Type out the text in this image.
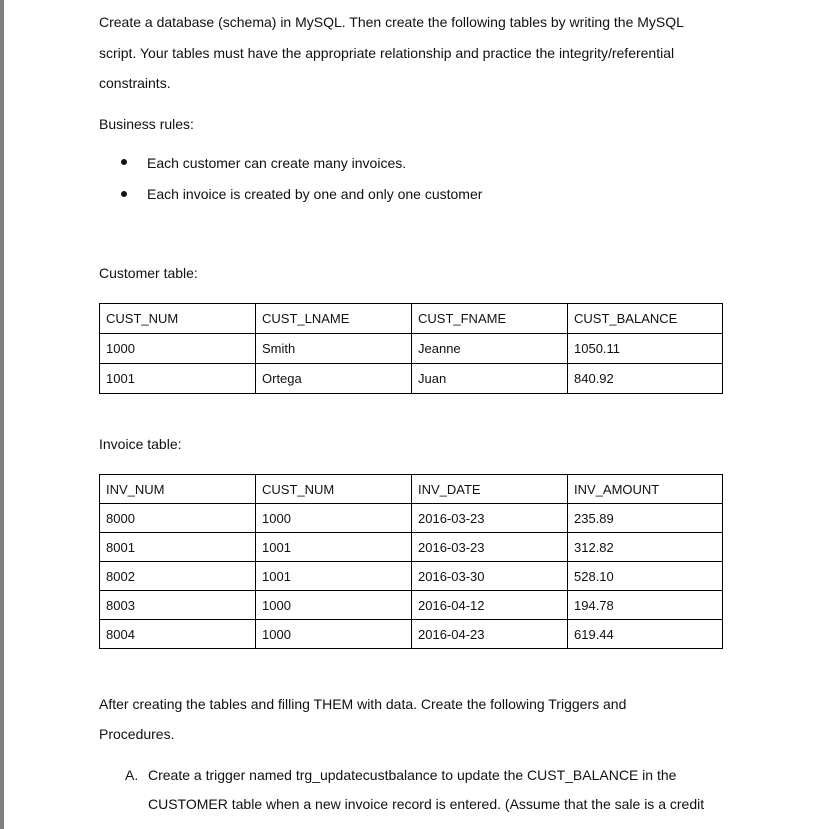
Create a database (schema) in MySQL. Then create the following tables by writing the MySQL

script. Your tables must have the appropriate relationship and practice the integrity/referential

constraints.

Business rules:

Each customer can create many invoices.

Each invoice is created by one and only one customer

Customer table:

CUST_NUM	CUST_LNAME	CUST_FNAME	CUST_BALANCE
1000	Smith	Jeanne	1050.11
1001	Ortega	Juan	840.92

Invoice table:

INV_NUM	CUST_NUM	INV_DATE	INV_AMOUNT
8000	1000	2016-03-23	235.89
8001	1001	2016-03-23	312.82
8002	1001	2016-03-30	528.10
8003	1000	2016-04-12	194.78
8004	1000	2016-04-23	619.44

After creating the tables and filling THEM with data. Create the following Triggers and

Procedures.

A. Create a trigger named trg_updatecustbalance to update the CUST_BALANCE in the

CUSTOMER table when a new invoice record is entered. (Assume that the sale is a credit
